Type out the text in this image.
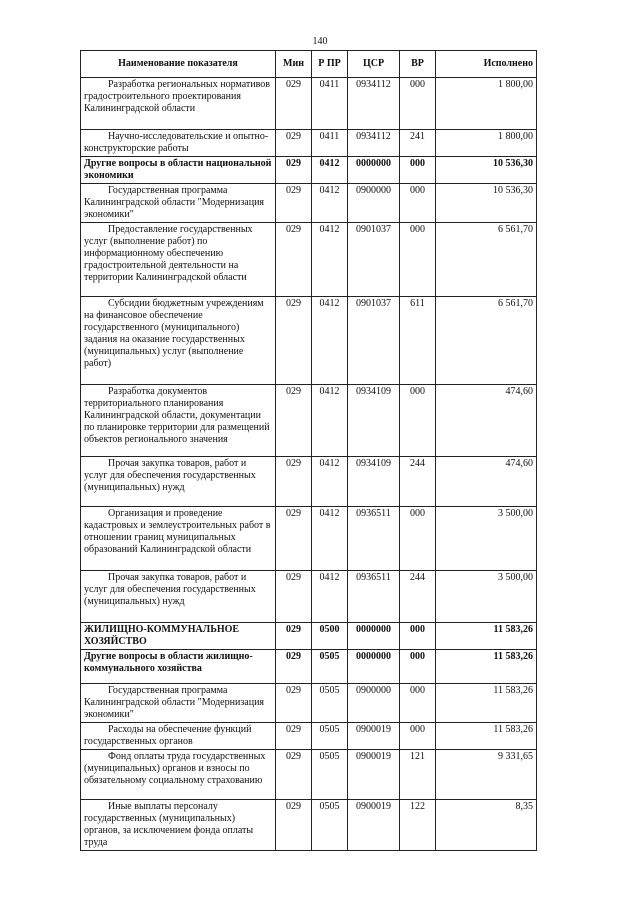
140
Наименование показателя	Мин	Р ПР	ЦСР	ВР	Исполнено
Разработка региональных нормативов градостроительного проектирования Калининградской области	029	0411	0934112	000	1 800,00
Научно-исследовательские и опытно-конструкторские работы	029	0411	0934112	241	1 800,00
Другие вопросы в области национальной экономики	029	0412	0000000	000	10 536,30
Государственная программа Калининградской области "Модернизация экономики"	029	0412	0900000	000	10 536,30
Предоставление государственных услуг (выполнение работ) по информационному обеспечению градостроительной деятельности на территории Калининградской области	029	0412	0901037	000	6 561,70
Субсидии бюджетным учреждениям на финансовое обеспечение государственного (муниципального) задания на оказание государственных (муниципальных) услуг (выполнение работ)	029	0412	0901037	611	6 561,70
Разработка документов территориального планирования Калининградской области, документации по планировке территории для размещений объектов регионального значения	029	0412	0934109	000	474,60
Прочая закупка товаров, работ и услуг для обеспечения государственных (муниципальных) нужд	029	0412	0934109	244	474,60
Организация и проведение кадастровых и землеустроительных работ в отношении границ муниципальных образований Калининградской области	029	0412	0936511	000	3 500,00
Прочая закупка товаров, работ и услуг для обеспечения государственных (муниципальных) нужд	029	0412	0936511	244	3 500,00
ЖИЛИЩНО-КОММУНАЛЬНОЕ ХОЗЯЙСТВО	029	0500	0000000	000	11 583,26
Другие вопросы в области жилищно-коммунального хозяйства	029	0505	0000000	000	11 583,26
Государственная программа Калининградской области "Модернизация экономики"	029	0505	0900000	000	11 583,26
Расходы на обеспечение функций государственных органов	029	0505	0900019	000	11 583,26
Фонд оплаты труда государственных (муниципальных) органов и взносы по обязательному социальному страхованию	029	0505	0900019	121	9 331,65
Иные выплаты персоналу государственных (муниципальных) органов, за исключением фонда оплаты труда	029	0505	0900019	122	8,35
